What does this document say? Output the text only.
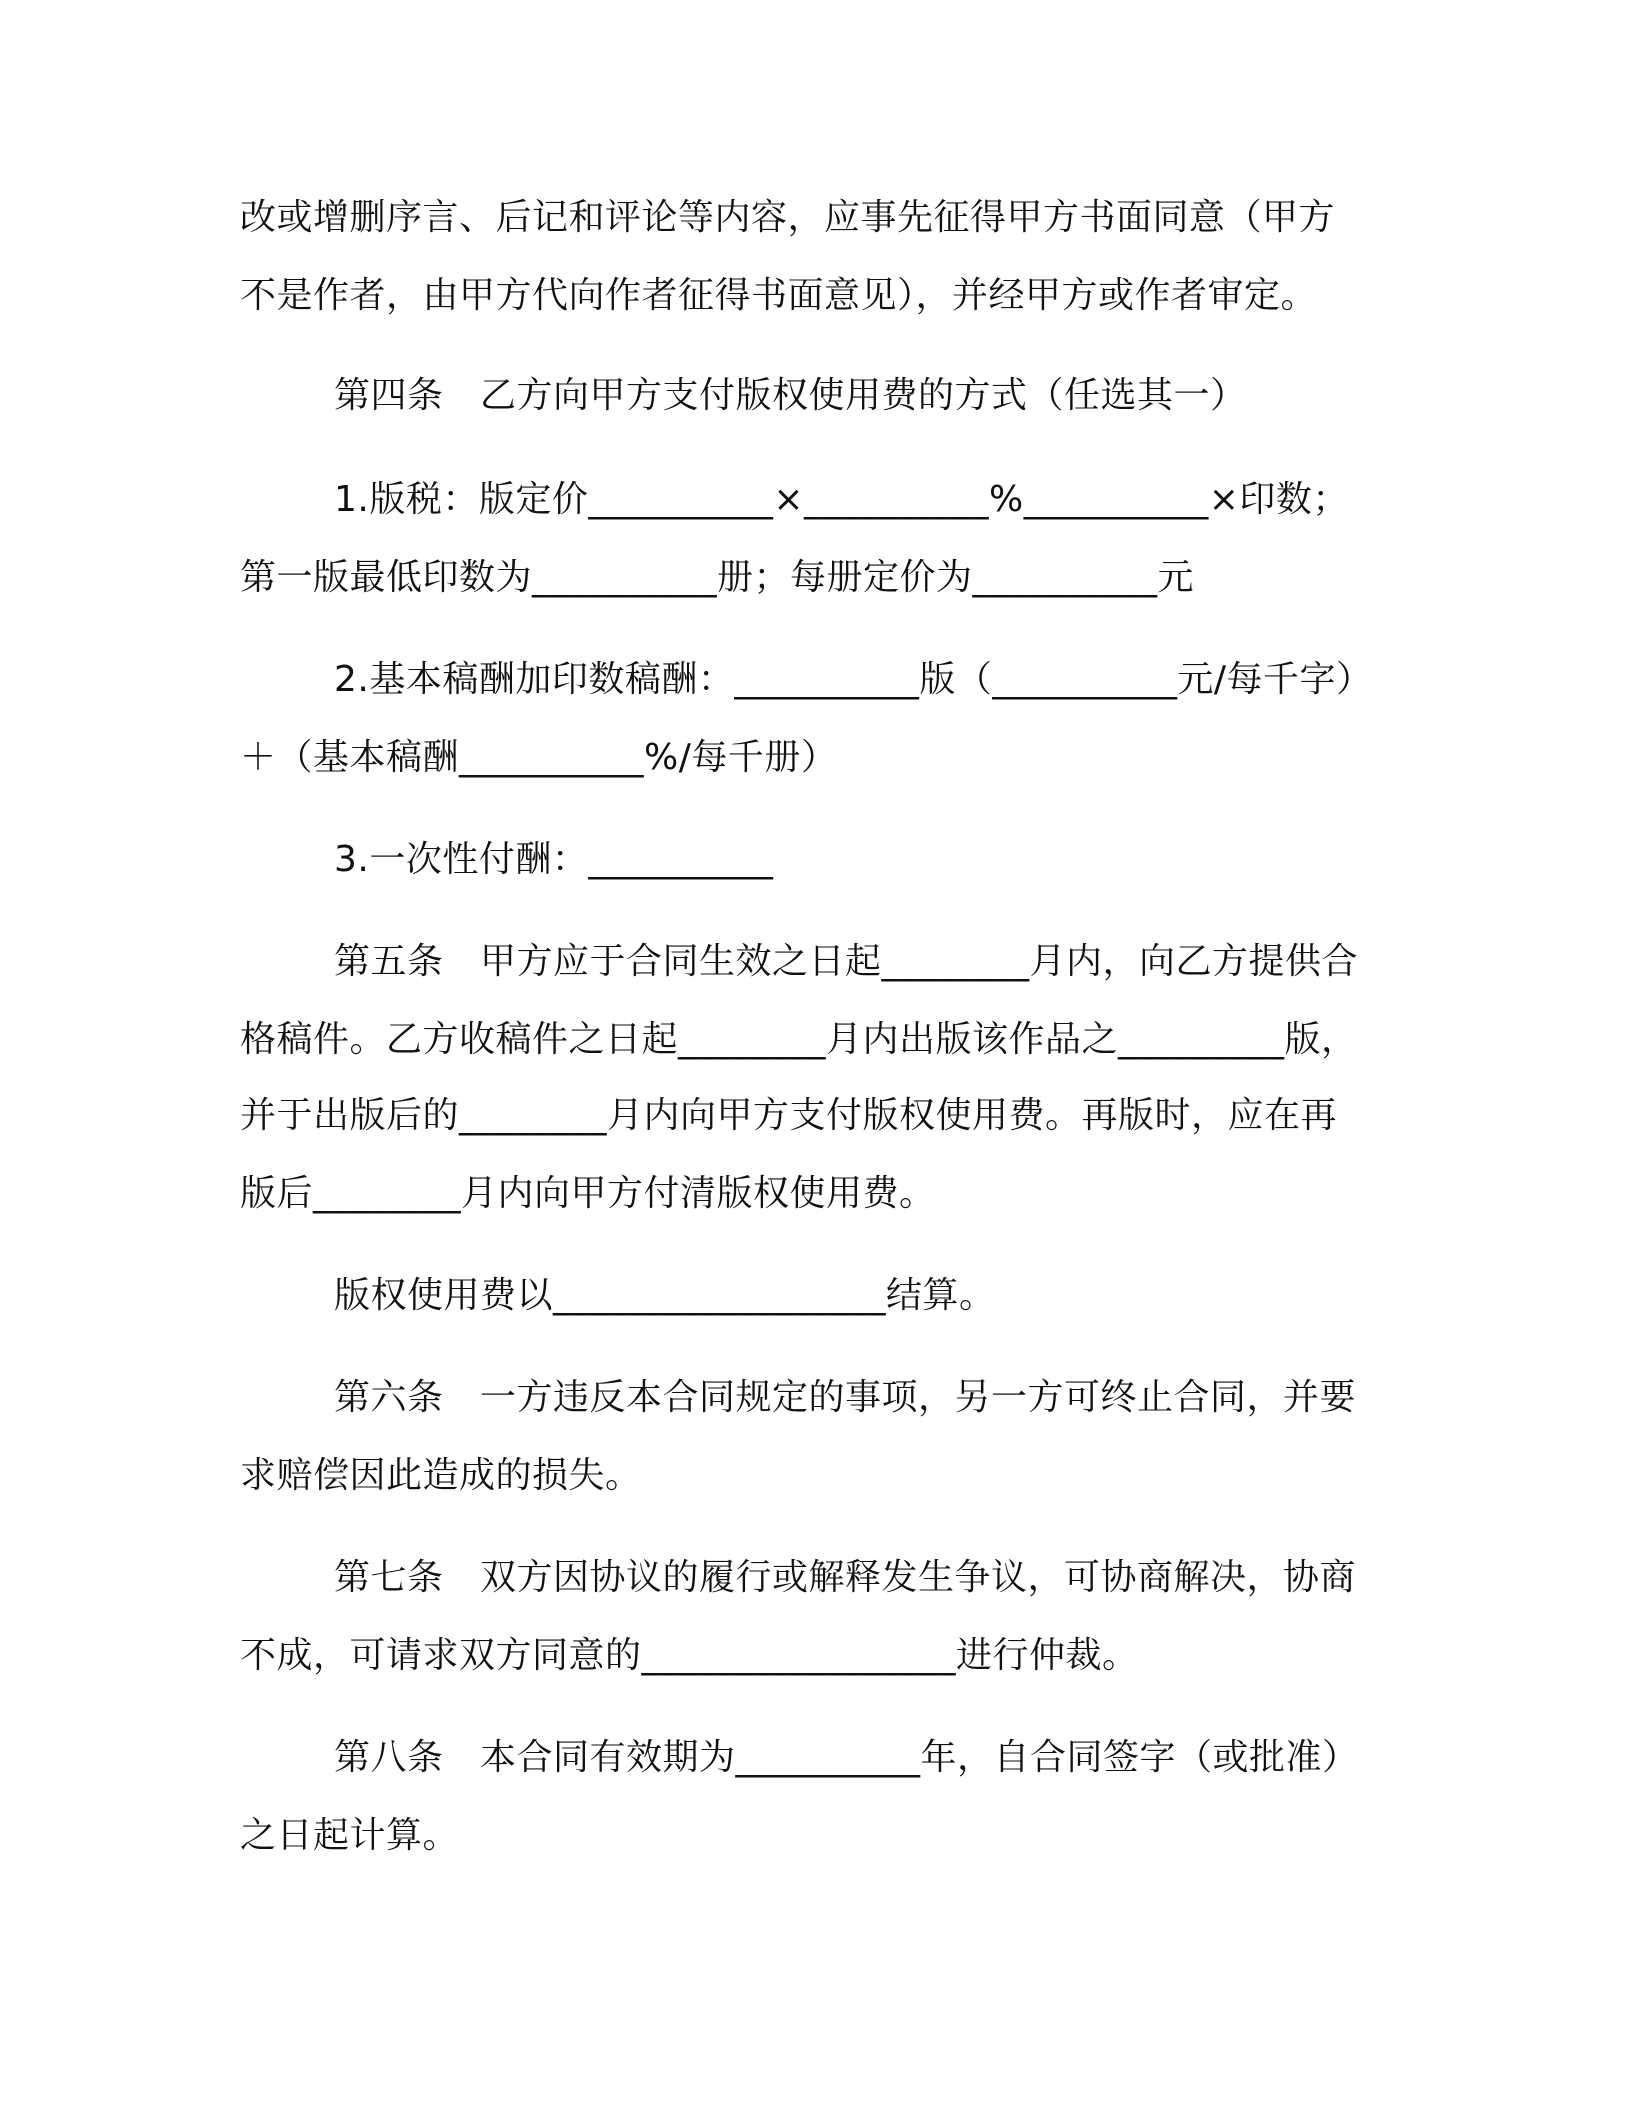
改或增删序言、后记和评论等内容，应事先征得甲方书面同意（甲方
不是作者，由甲方代向作者征得书面意见），并经甲方或作者审定。
第四条　乙方向甲方支付版权使用费的方式（任选其一）
1.版税：版定价__________×__________%__________×印数；
第一版最低印数为__________册；每册定价为__________元
2.基本稿酬加印数稿酬：__________版（__________元/每千字）
＋（基本稿酬__________%/每千册）
3.一次性付酬：__________
第五条　甲方应于合同生效之日起________月内，向乙方提供合
格稿件。乙方收稿件之日起________月内出版该作品之_________版，
并于出版后的________月内向甲方支付版权使用费。再版时，应在再
版后________月内向甲方付清版权使用费。
版权使用费以__________________结算。
第六条　一方违反本合同规定的事项，另一方可终止合同，并要
求赔偿因此造成的损失。
第七条　双方因协议的履行或解释发生争议，可协商解决，协商
不成，可请求双方同意的_________________进行仲裁。
第八条　本合同有效期为__________年，自合同签字（或批准）
之日起计算。
